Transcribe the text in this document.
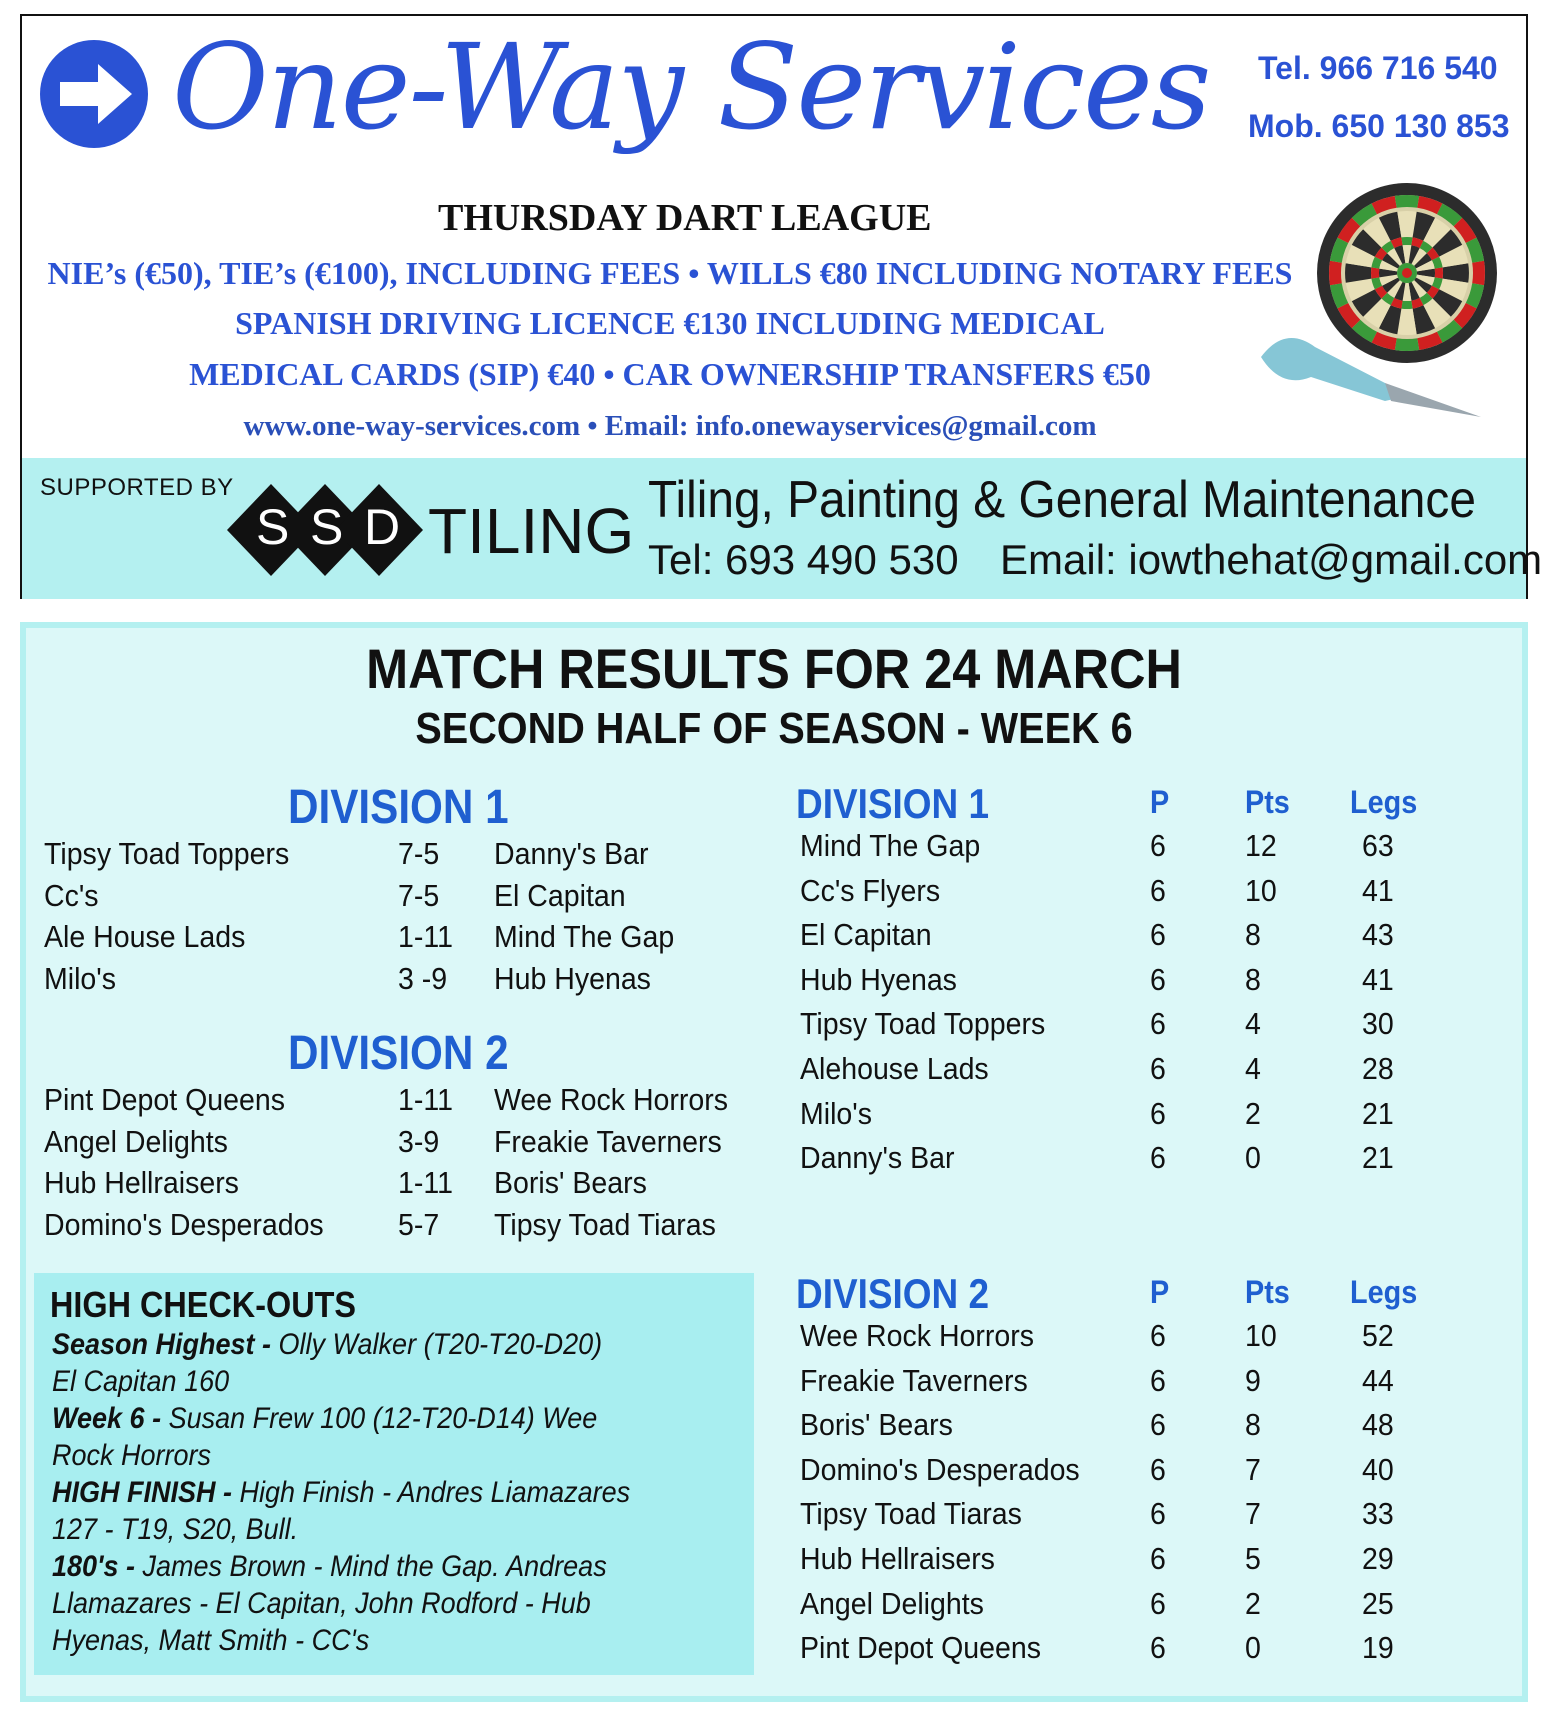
One-Way Services Tel. 966 716 540
Mob. 650 130 853
THURSDAY DART LEAGUE
NIE’s (€50), TIE’s (€100), INCLUDING FEES • WILLS €80 INCLUDING NOTARY FEES
SPANISH DRIVING LICENCE €130 INCLUDING MEDICAL
MEDICAL CARDS (SIP) €40 • CAR OWNERSHIP TRANSFERS €50
www.one-way-services.com • Email: info.onewayservices@gmail.com
SUPPORTED BY
S S D TILING Tiling, Painting & General Maintenance
Tel: 693 490 530 Email: iowthehat@gmail.com
MATCH RESULTS FOR 24 MARCH
SECOND HALF OF SEASON - WEEK 6
DIVISION 1
Tipsy Toad Toppers	7-5 Danny's Bar
Cc's	7-5 El Capitan
Ale House Lads	1-11 Mind The Gap
Milo's	3 -9 Hub Hyenas
DIVISION 2
Pint Depot Queens	1-11 Wee Rock Horrors
Angel Delights	3-9 Freakie Taverners
Hub Hellraisers	1-11 Boris' Bears
Domino's Desperados 5-7 Tipsy Toad Tiaras
HIGH CHECK-OUTS
Season Highest - Olly Walker (T20-T20-D20)
El Capitan 160
Week 6 - Susan Frew 100 (12-T20-D14) Wee
Rock Horrors
HIGH FINISH - High Finish - Andres Liamazares
127 - T19, S20, Bull.
180's - James Brown - Mind the Gap. Andreas
Llamazares - El Capitan, John Rodford - Hub
Hyenas, Matt Smith - CC's
DIVISION 1	P Pts Legs
Mind The Gap	6	12	63
Cc's Flyers	6	10	41
El Capitan	6	8	43
Hub Hyenas	6	8	41
Tipsy Toad Toppers	6	4	30
Alehouse Lads	6	4	28
Milo's	6	2	21
Danny's Bar	6	0	21
DIVISION 2	P Pts Legs
Wee Rock Horrors	6	10	52
Freakie Taverners	6	9	44
Boris' Bears	6	8	48
Domino's Desperados 6	7	40
Tipsy Toad Tiaras	6	7	33
Hub Hellraisers	6	5	29
Angel Delights	6	2	25
Pint Depot Queens	6	0	19
